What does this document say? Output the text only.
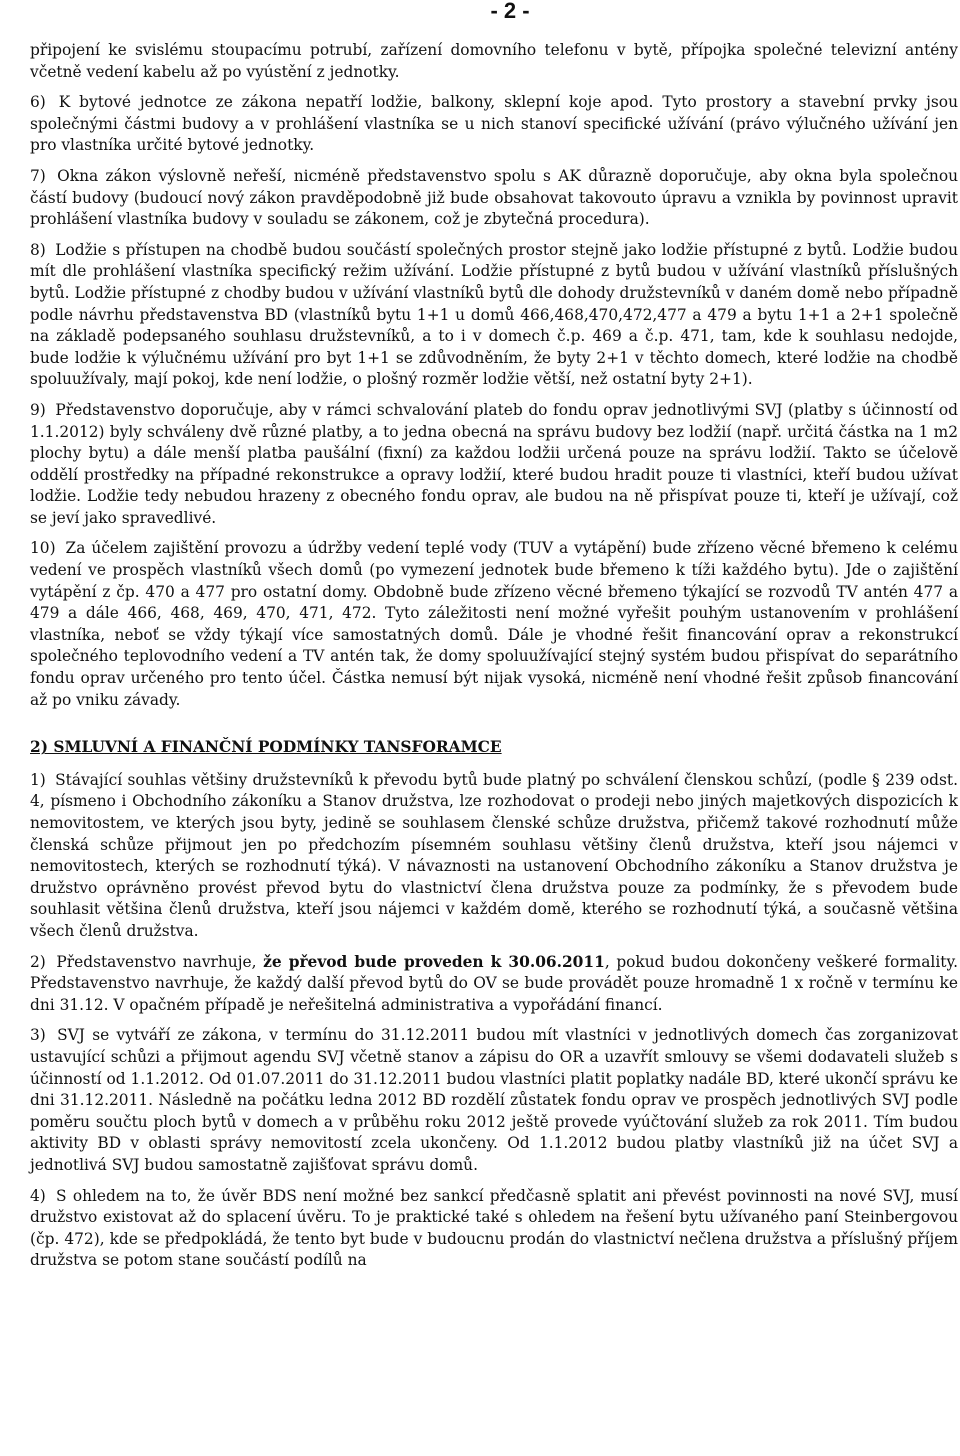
- 2 -

připojení ke svislému stoupacímu potrubí, zařízení domovního telefonu v bytě, přípojka společné televizní antény včetně vedení kabelu až po vyústění z jednotky.

6) K bytové jednotce ze zákona nepatří lodžie, balkony, sklepní koje apod. Tyto prostory a stavební prvky jsou společnými částmi budovy a v prohlášení vlastníka se u nich stanoví specifické užívání (právo výlučného užívání jen pro vlastníka určité bytové jednotky.

7) Okna zákon výslovně neřeší, nicméně představenstvo spolu s AK důrazně doporučuje, aby okna byla společnou částí budovy (budoucí nový zákon pravděpodobně již bude obsahovat takovouto úpravu a vznikla by povinnost upravit prohlášení vlastníka budovy v souladu se zákonem, což je zbytečná procedura).

8) Lodžie s přístupen na chodbě budou součástí společných prostor stejně jako lodžie přístupné z bytů. Lodžie budou mít dle prohlášení vlastníka specifický režim užívání. Lodžie přístupné z bytů budou v užívání vlastníků příslušných bytů. Lodžie přístupné z chodby budou v užívání vlastníků bytů dle dohody družstevníků v daném domě nebo případně podle návrhu představenstva BD (vlastníků bytu 1+1 u domů 466,468,470,472,477 a 479 a bytu 1+1 a 2+1 společně na základě podepsaného souhlasu družstevníků, a to i v domech č.p. 469 a č.p. 471, tam, kde k souhlasu nedojde, bude lodžie k výlučnému užívání pro byt 1+1 se zdůvodněním, že byty 2+1 v těchto domech, které lodžie na chodbě spoluužívaly, mají pokoj, kde není lodžie, o plošný rozměr lodžie větší, než ostatní byty 2+1).

9) Představenstvo doporučuje, aby v rámci schvalování plateb do fondu oprav jednotlivými SVJ (platby s účinností od 1.1.2012) byly schváleny dvě různé platby, a to jedna obecná na správu budovy bez lodžií (např. určitá částka na 1 m2 plochy bytu) a dále menší platba paušální (fixní) za každou lodžii určená pouze na správu lodžií. Takto se účelově oddělí prostředky na případné rekonstrukce a opravy lodžií, které budou hradit pouze ti vlastníci, kteří budou užívat lodžie. Lodžie tedy nebudou hrazeny z obecného fondu oprav, ale budou na ně přispívat pouze ti, kteří je užívají, což se jeví jako spravedlivé.

10) Za účelem zajištění provozu a údržby vedení teplé vody (TUV a vytápění) bude zřízeno věcné břemeno k celému vedení ve prospěch vlastníků všech domů (po vymezení jednotek bude břemeno k tíži každého bytu). Jde o zajištění vytápění z čp. 470 a 477 pro ostatní domy. Obdobně bude zřízeno věcné břemeno týkající se rozvodů TV antén 477 a 479 a dále 466, 468, 469, 470, 471, 472. Tyto záležitosti není možné vyřešit pouhým ustanovením v prohlášení vlastníka, neboť se vždy týkají více samostatných domů. Dále je vhodné řešit financování oprav a rekonstrukcí společného teplovodního vedení a TV antén tak, že domy spoluužívající stejný systém budou přispívat do separátního fondu oprav určeného pro tento účel. Částka nemusí být nijak vysoká, nicméně není vhodné řešit způsob financování až po vniku závady.

2) SMLUVNÍ A FINANČNÍ PODMÍNKY TANSFORAMCE

1) Stávající souhlas většiny družstevníků k převodu bytů bude platný po schválení členskou schůzí, (podle § 239 odst. 4, písmeno i Obchodního zákoníku a Stanov družstva, lze rozhodovat o prodeji nebo jiných majetkových dispozicích k nemovitostem, ve kterých jsou byty, jedině se souhlasem členské schůze družstva, přičemž takové rozhodnutí může členská schůze přijmout jen po předchozím písemném souhlasu většiny členů družstva, kteří jsou nájemci v nemovitostech, kterých se rozhodnutí týká). V návaznosti na ustanovení Obchodního zákoníku a Stanov družstva je družstvo oprávněno provést převod bytu do vlastnictví člena družstva pouze za podmínky, že s převodem bude souhlasit většina členů družstva, kteří jsou nájemci v každém domě, kterého se rozhodnutí týká, a současně většina všech členů družstva.

2) Představenstvo navrhuje, že převod bude proveden k 30.06.2011, pokud budou dokončeny veškeré formality. Představenstvo navrhuje, že každý další převod bytů do OV se bude provádět pouze hromadně 1 x ročně v termínu ke dni 31.12. V opačném případě je neřešitelná administrativa a vypořádání financí.

3) SVJ se vytváří ze zákona, v termínu do 31.12.2011 budou mít vlastníci v jednotlivých domech čas zorganizovat ustavující schůzi a přijmout agendu SVJ včetně stanov a zápisu do OR a uzavřít smlouvy se všemi dodavateli služeb s účinností od 1.1.2012. Od 01.07.2011 do 31.12.2011 budou vlastníci platit poplatky nadále BD, které ukončí správu ke dni 31.12.2011. Následně na počátku ledna 2012 BD rozdělí zůstatek fondu oprav ve prospěch jednotlivých SVJ podle poměru součtu ploch bytů v domech a v průběhu roku 2012 ještě provede vyúčtování služeb za rok 2011. Tím budou aktivity BD v oblasti správy nemovitostí zcela ukončeny. Od 1.1.2012 budou platby vlastníků již na účet SVJ a jednotlivá SVJ budou samostatně zajišťovat správu domů.

4) S ohledem na to, že úvěr BDS není možné bez sankcí předčasně splatit ani převést povinnosti na nové SVJ, musí družstvo existovat až do splacení úvěru. To je praktické také s ohledem na řešení bytu užívaného paní Steinbergovou (čp. 472), kde se předpokládá, že tento byt bude v budoucnu prodán do vlastnictví nečlena družstva a příslušný příjem družstva se potom stane součástí podílů na
